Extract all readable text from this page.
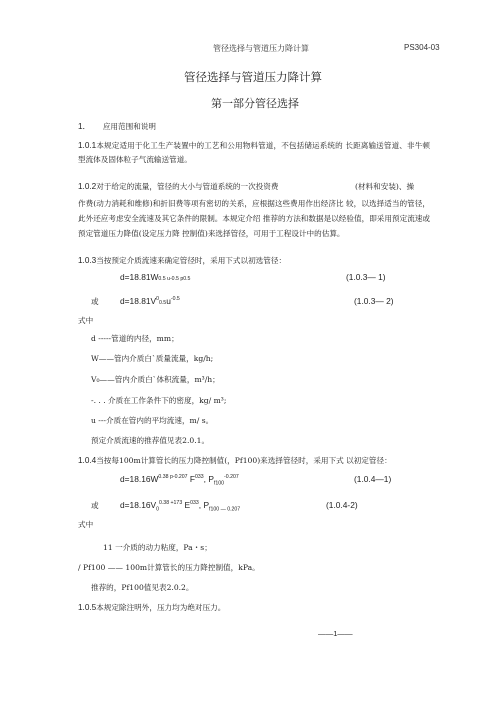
管径选择与管道压力降计算	PS304-03
管径选择与管道压力降计算
第一部分管径选择
1． 应用范围和说明
1.0.1本规定适用于化工生产装置中的工艺和公用物料管道，不包括储运系统的 长距离输送管道、非牛顿型流体及固体粒子气流输送管道。
1.0.2对于给定的流量，管径的大小与管道系统的一次投资费	(材料和安装)、操
作费(动力消耗和维修)和折旧费等项有密切的关系，应根据这些费用作出经济比 较，以选择适当的管径，此外还应考虑安全流速及其它条件的限制。本规定介绍 推荐的方法和数据是以经验值，即采用预定流速或预定管道压力降值(设定压力降 控制值)来选择管径，可用于工程设计中的估算。
1.0.3当按预定介质流速来确定管径时，采用下式以初选管径：
d=18.81W0.5 u-0.5 p0.5	(1.0.3— 1)
或	$d=18.81V^00.5u^{-0.5}$	(1.0.3— 2)
式中
d -----管道的内径，mm；
W——管内介质白`质量流量，kg/h;
V₀——管内介质白`体积流量，m³/h；
-. . . 介质在工作条件下的密度，kg/ m³;
u ---介质在管内的平均流速，m/ s。
预定介质流速的推荐值见表2.0.1。
1.0.4当按每100m计算管长的压力降控制值(，Pf100)来选择管径时，采用下式 以初定管径：
$d=18.16W^{0.38 p-0.207}$ $F^{033}$, $P_{f100}^{-0.207}$	(1.0.4—1)
或	$d=18.16V_0^{0.38 +173}$ $E^{033}$, $P_{f100 — 0.207}$	(1.0.4-2)
式中
11 一介质的动力粘度，Pa・s；
/ Pf100 —— 100m计算管长的压力降控制值，kPa。
推荐的，Pf100值见表2.0.2。
1.0.5本规定除注明外，压力均为绝对压力。
——1——
